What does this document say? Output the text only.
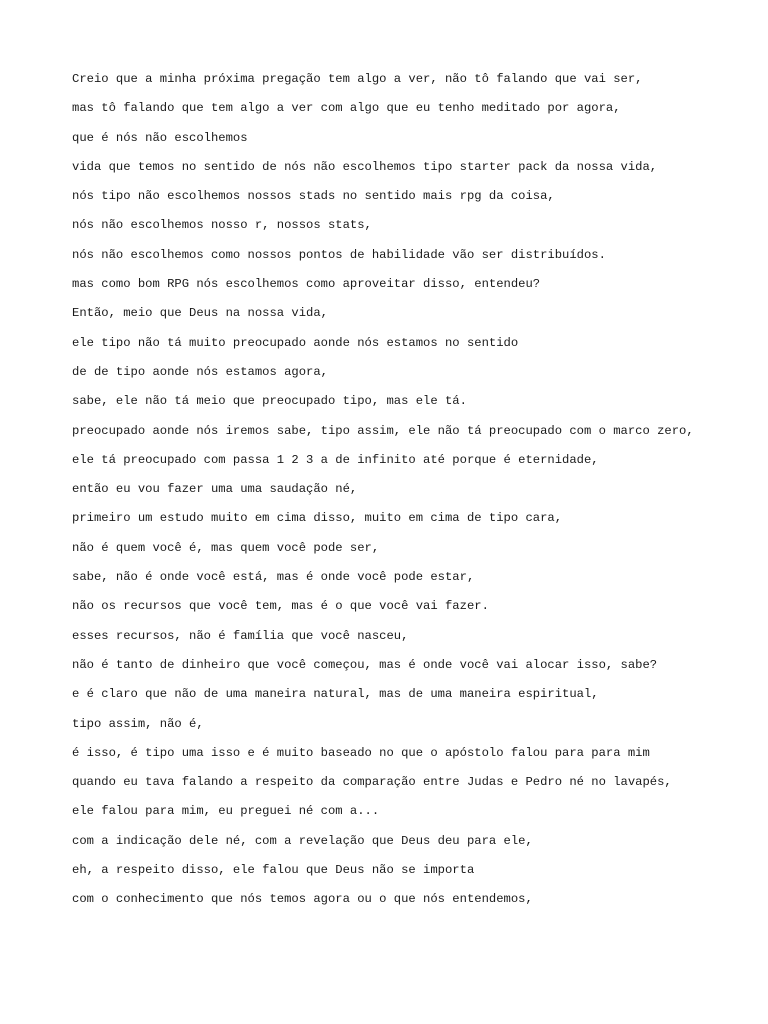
Creio que a minha próxima pregação tem algo a ver, não tô falando que vai ser,

mas tô falando que tem algo a ver com algo que eu tenho meditado por agora,

que é nós não escolhemos

vida que temos no sentido de nós não escolhemos tipo starter pack da nossa vida,

nós tipo não escolhemos nossos stads no sentido mais rpg da coisa,

nós não escolhemos nosso r, nossos stats,

nós não escolhemos como nossos pontos de habilidade vão ser distribuídos.

mas como bom RPG nós escolhemos como aproveitar disso, entendeu?

Então, meio que Deus na nossa vida,

ele tipo não tá muito preocupado aonde nós estamos no sentido

de de tipo aonde nós estamos agora,

sabe, ele não tá meio que preocupado tipo, mas ele tá.

preocupado aonde nós iremos sabe, tipo assim, ele não tá preocupado com o marco zero,

ele tá preocupado com passa 1 2 3 a de infinito até porque é eternidade,

então eu vou fazer uma uma saudação né,

primeiro um estudo muito em cima disso, muito em cima de tipo cara,

não é quem você é, mas quem você pode ser,

sabe, não é onde você está, mas é onde você pode estar,

não os recursos que você tem, mas é o que você vai fazer.

esses recursos, não é família que você nasceu,

não é tanto de dinheiro que você começou, mas é onde você vai alocar isso, sabe?

e é claro que não de uma maneira natural, mas de uma maneira espiritual,

tipo assim, não é,

é isso, é tipo uma isso e é muito baseado no que o apóstolo falou para para mim

quando eu tava falando a respeito da comparação entre Judas e Pedro né no lavapés,

ele falou para mim, eu preguei né com a...

com a indicação dele né, com a revelação que Deus deu para ele,

eh, a respeito disso, ele falou que Deus não se importa

com o conhecimento que nós temos agora ou o que nós entendemos,
